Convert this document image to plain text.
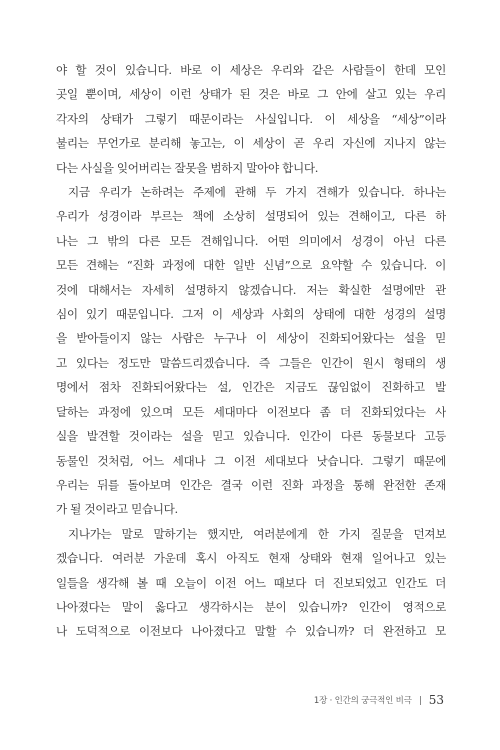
야 할 것이 있습니다. 바로 이 세상은 우리와 같은 사람들이 한데 모인
곳일 뿐이며, 세상이 이런 상태가 된 것은 바로 그 안에 살고 있는 우리
각자의 상태가 그렇기 때문이라는 사실입니다. 이 세상을 “세상”이라
불리는 무언가로 분리해 놓고는, 이 세상이 곧 우리 자신에 지나지 않는
다는 사실을 잊어버리는 잘못을 범하지 말아야 합니다.

지금 우리가 논하려는 주제에 관해 두 가지 견해가 있습니다. 하나는
우리가 성경이라 부르는 책에 소상히 설명되어 있는 견해이고, 다른 하
나는 그 밖의 다른 모든 견해입니다. 어떤 의미에서 성경이 아닌 다른
모든 견해는 “진화 과정에 대한 일반 신념”으로 요약할 수 있습니다. 이
것에 대해서는 자세히 설명하지 않겠습니다. 저는 확실한 설명에만 관
심이 있기 때문입니다. 그저 이 세상과 사회의 상태에 대한 성경의 설명
을 받아들이지 않는 사람은 누구나 이 세상이 진화되어왔다는 설을 믿
고 있다는 정도만 말씀드리겠습니다. 즉 그들은 인간이 원시 형태의 생
명에서 점차 진화되어왔다는 설, 인간은 지금도 끊임없이 진화하고 발
달하는 과정에 있으며 모든 세대마다 이전보다 좀 더 진화되었다는 사
실을 발견할 것이라는 설을 믿고 있습니다. 인간이 다른 동물보다 고등
동물인 것처럼, 어느 세대나 그 이전 세대보다 낫습니다. 그렇기 때문에
우리는 뒤를 돌아보며 인간은 결국 이런 진화 과정을 통해 완전한 존재
가 될 것이라고 믿습니다.

지나가는 말로 말하기는 했지만, 여러분에게 한 가지 질문을 던져보
겠습니다. 여러분 가운데 혹시 아직도 현재 상태와 현재 일어나고 있는
일들을 생각해 볼 때 오늘이 이전 어느 때보다 더 진보되었고 인간도 더
나아졌다는 말이 옳다고 생각하시는 분이 있습니까? 인간이 영적으로
나 도덕적으로 이전보다 나아졌다고 말할 수 있습니까? 더 완전하고 모

1장 · 인간의 궁극적인 비극 53
